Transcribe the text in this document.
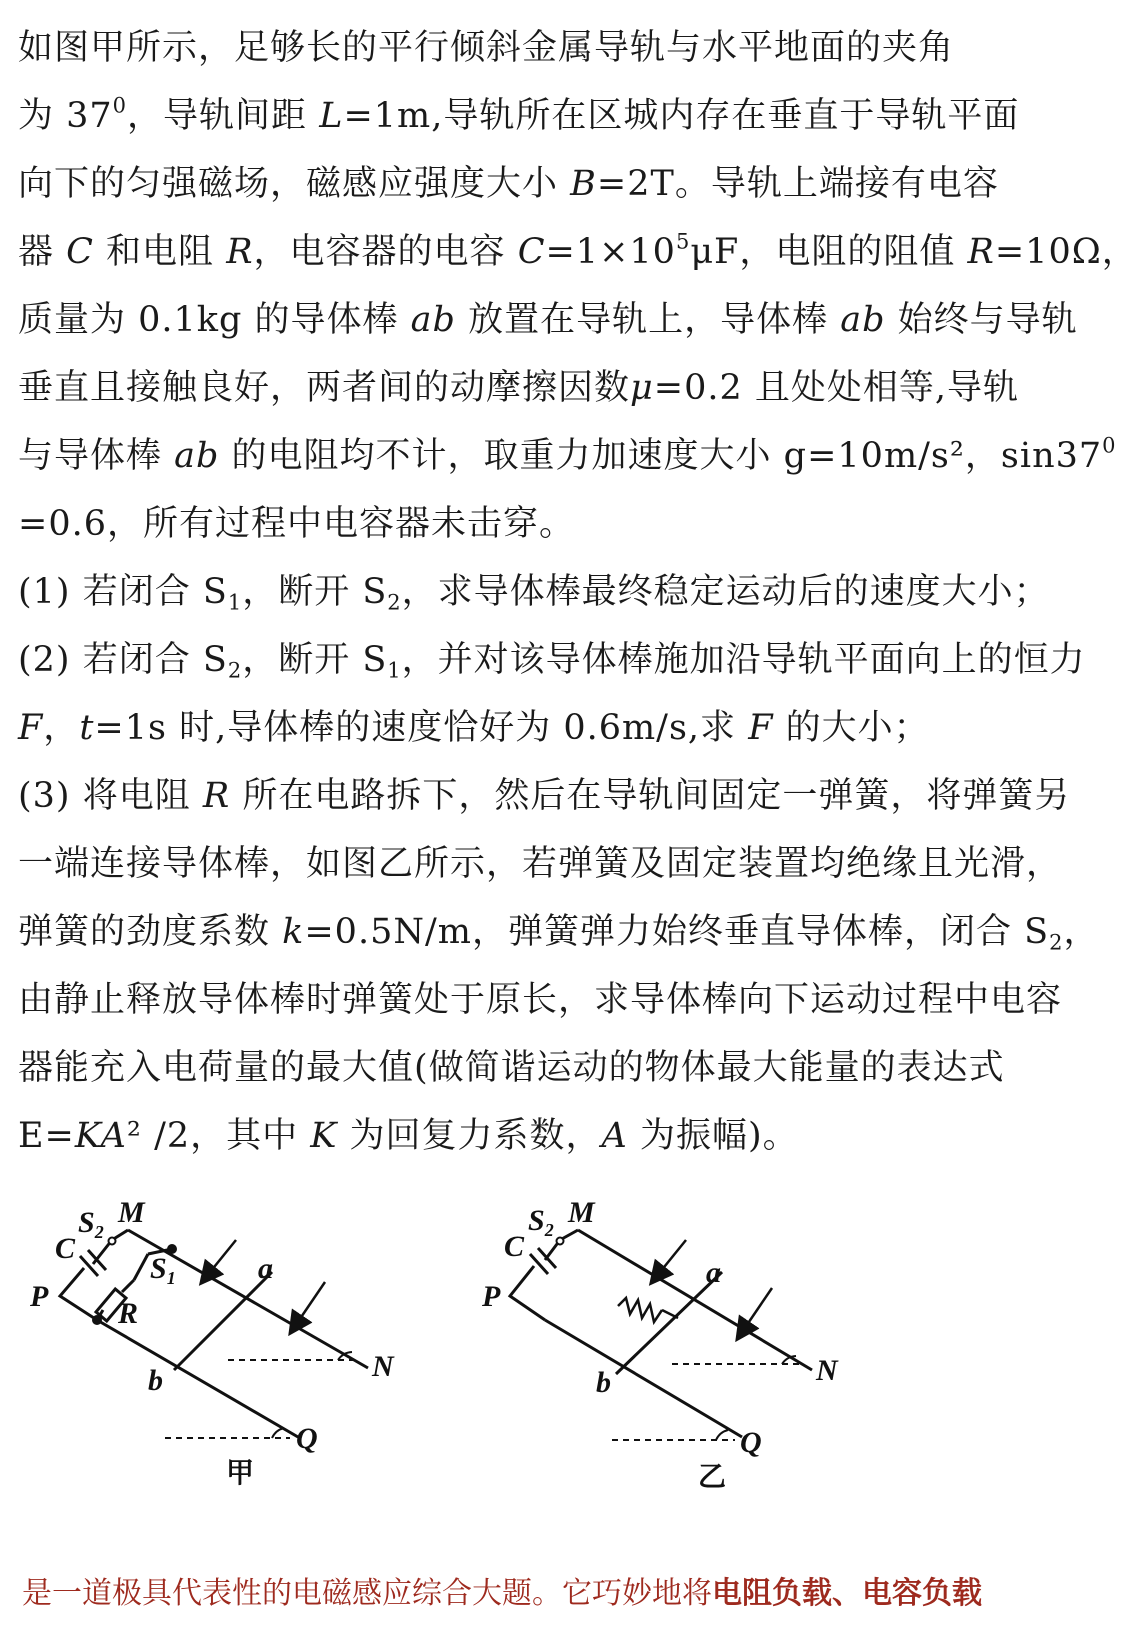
如图甲所示，足够长的平行倾斜金属导轨与水平地面的夹角
为 $37^0$，导轨间距 L=1m,导轨所在区城内存在垂直于导轨平面
向下的匀强磁场，磁感应强度大小 B=2T。导轨上端接有电容
器 C 和电阻 R，电容器的电容 $C=1\times 10^5\mu F$，电阻的阻值 R=10Ω，
质量为 0.1kg 的导体棒 ab 放置在导轨上，导体棒 ab 始终与导轨
垂直且接触良好，两者间的动摩擦因数μ=0.2 且处处相等,导轨
与导体棒 ab 的电阻均不计，取重力加速度大小 g=10m/s²，$\sin 37^0$
=0.6，所有过程中电容器未击穿。
(1) 若闭合 $S_1$，断开 $S_2$，求导体棒最终稳定运动后的速度大小；
(2) 若闭合 $S_2$，断开 $S_1$，并对该导体棒施加沿导轨平面向上的恒力
F，t=1s 时,导体棒的速度恰好为 0.6m/s,求 F 的大小；
(3) 将电阻 R 所在电路拆下，然后在导轨间固定一弹簧，将弹簧另
一端连接导体棒，如图乙所示，若弹簧及固定装置均绝缘且光滑，
弹簧的劲度系数 k=0.5N/m，弹簧弹力始终垂直导体棒，闭合 $S_2$，
由静止释放导体棒时弹簧处于原长，求导体棒向下运动过程中电容
器能充入电荷量的最大值(做简谐运动的物体最大能量的表达式
E=KA² /2，其中 K 为回复力系数，A 为振幅)。
M
N
P
Q
a
b
C
R
$S_2$
$S_1$
甲
M
N
P
Q
a
b
C
$S_2$
乙
是一道极具代表性的电磁感应综合大题。它巧妙地将电阻负载、电容负载
